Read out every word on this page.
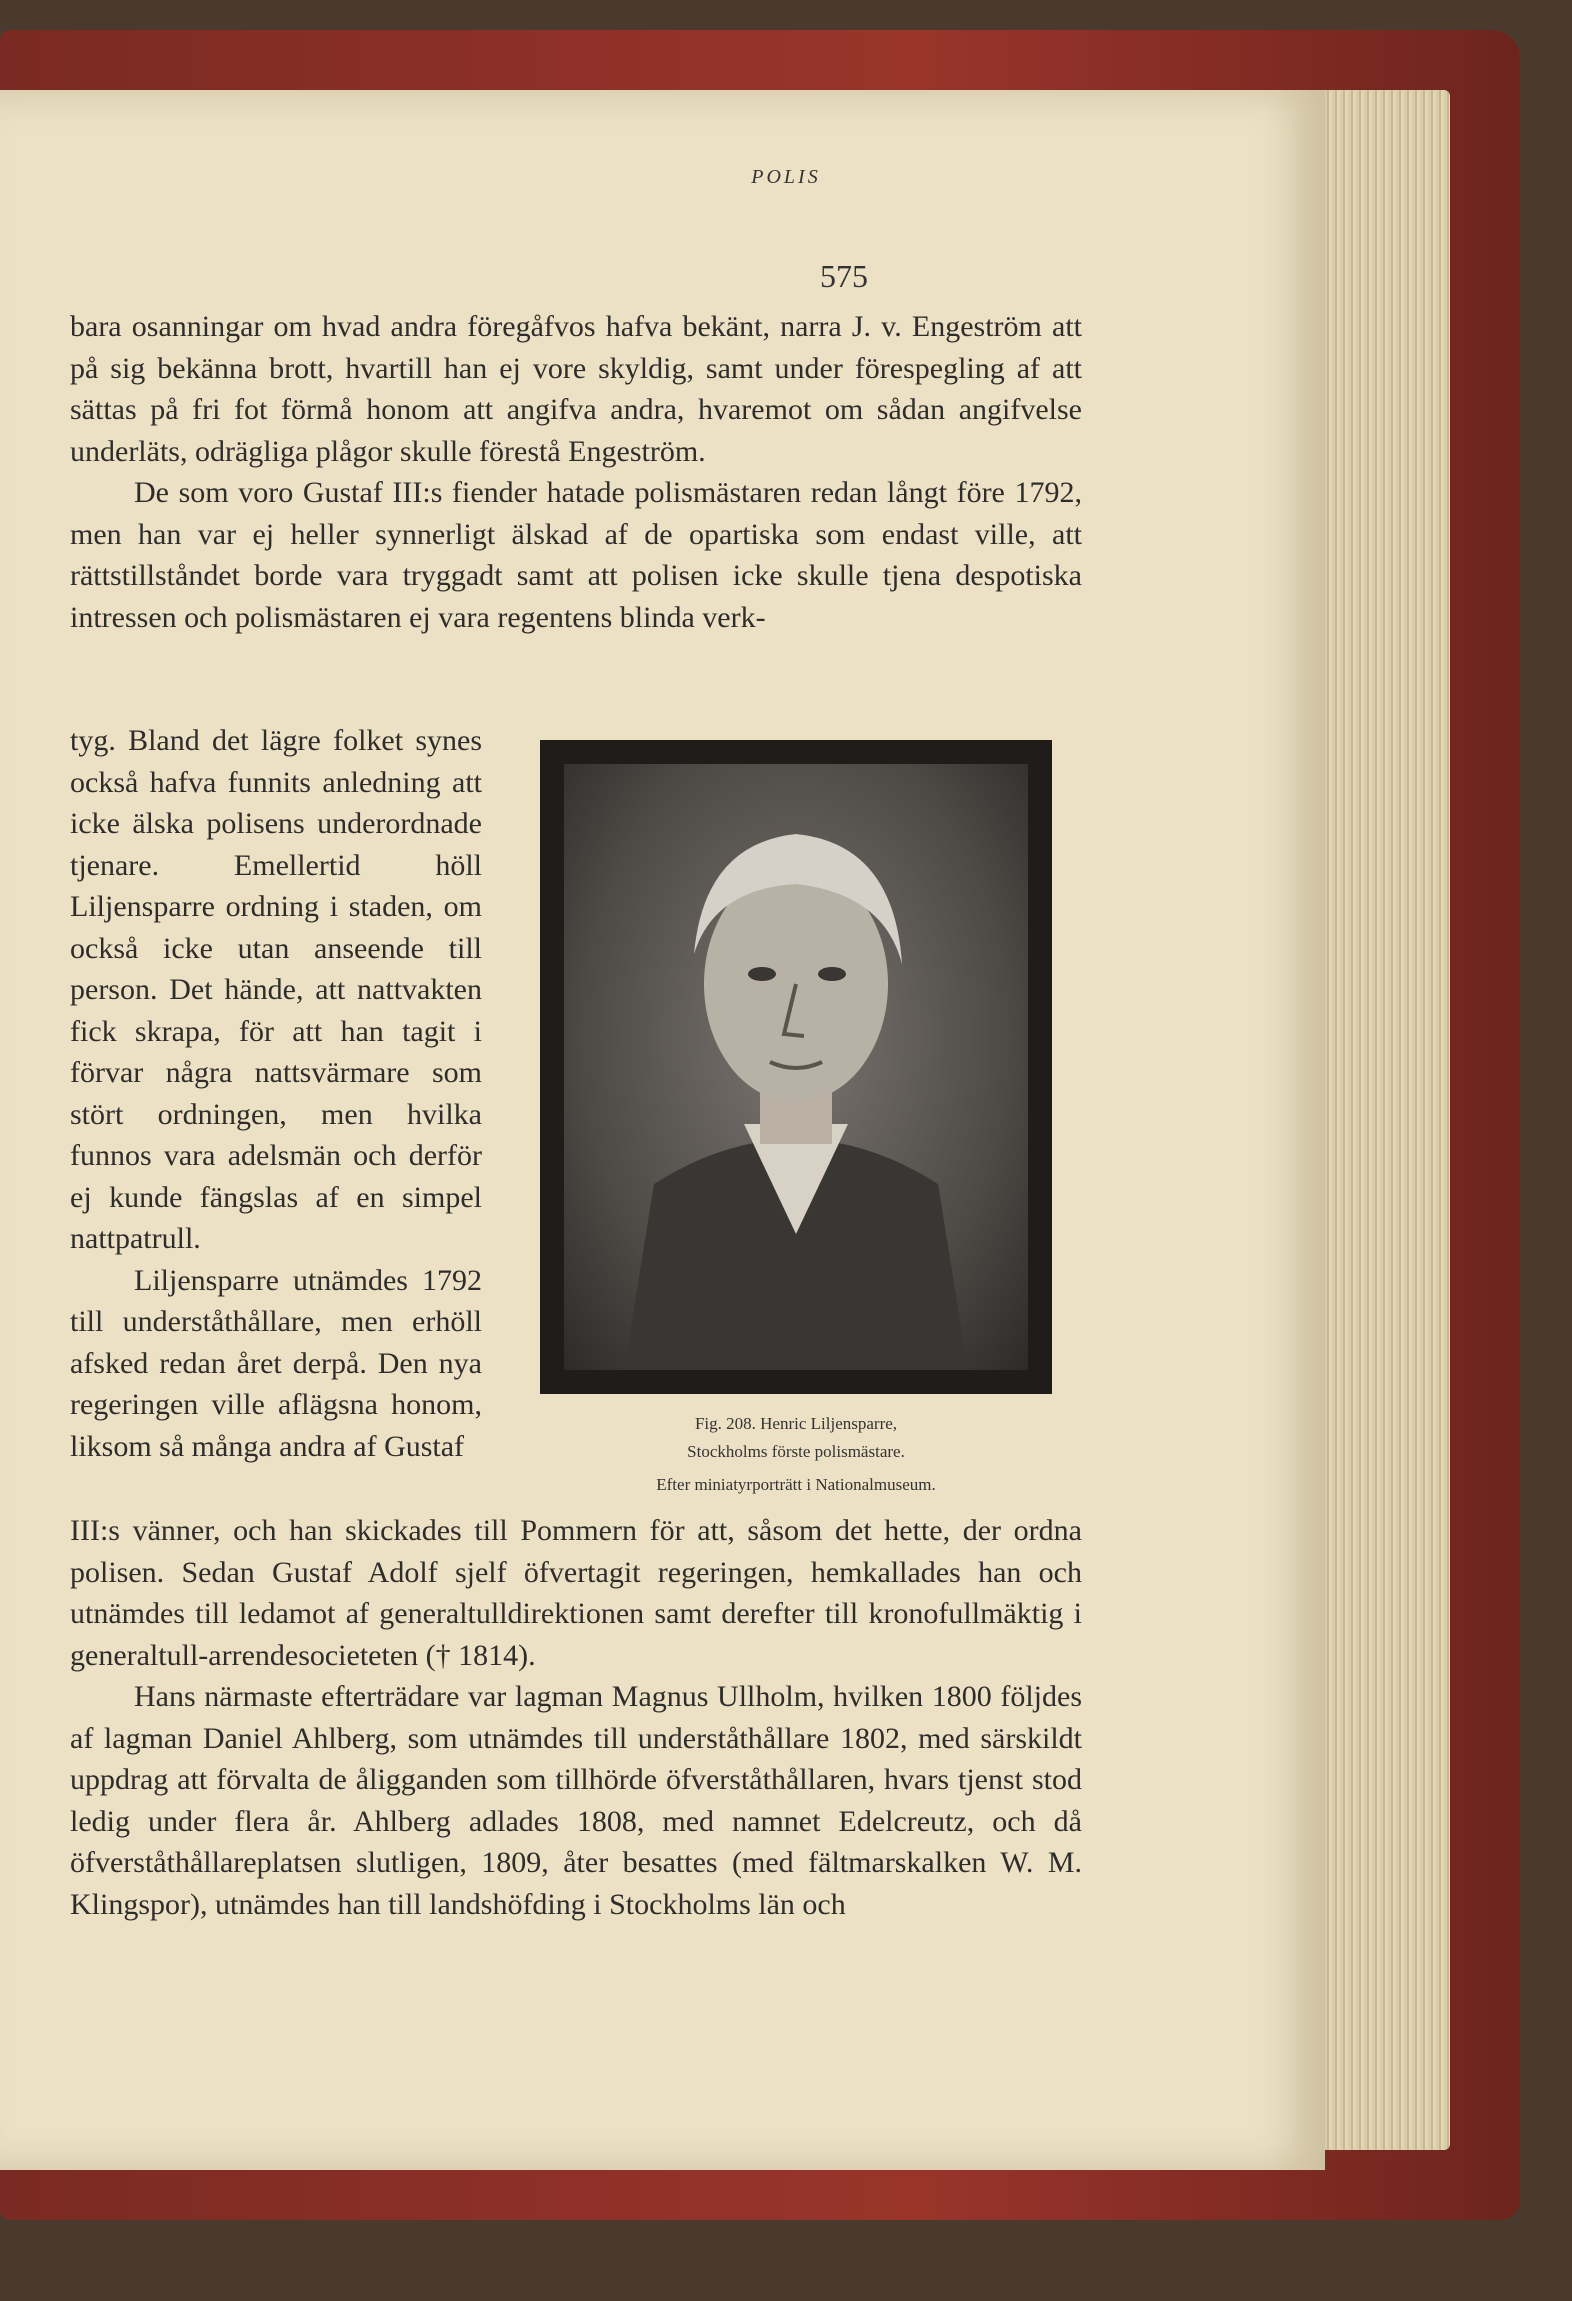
POLIS
575

bara osanningar om hvad andra föregåfvos hafva bekänt, narra J. v. Engeström att på sig bekänna brott, hvartill han ej vore skyldig, samt under förespegling af att sättas på fri fot förmå honom att angifva andra, hvaremot om sådan angifvelse underläts, odrägliga plågor skulle förestå Engeström.

De som voro Gustaf III:s fiender hatade polismästaren redan långt före 1792, men han var ej heller synnerligt älskad af de opartiska som endast ville, att rättstillståndet borde vara tryggadt samt att polisen icke skulle tjena despotiska intressen och polismästaren ej vara regentens blinda verk-

tyg. Bland det lägre folket synes också hafva funnits anledning att icke älska polisens underordnade tjenare. Emellertid höll Liljensparre ordning i staden, om också icke utan anseende till person. Det hände, att nattvakten fick skrapa, för att han tagit i förvar några nattsvärmare som stört ordningen, men hvilka funnos vara adelsmän och derför ej kunde fängslas af en simpel nattpatrull.

Liljensparre utnämdes 1792 till underståthållare, men erhöll afsked redan året derpå. Den nya regeringen ville aflägsna honom, liksom så många andra af Gustaf

Fig. 208. Henric Liljensparre,
Stockholms förste polismästare.
Efter miniatyrporträtt i Nationalmuseum.

III:s vänner, och han skickades till Pommern för att, såsom det hette, der ordna polisen. Sedan Gustaf Adolf sjelf öfvertagit regeringen, hemkallades han och utnämdes till ledamot af generaltulldirektionen samt derefter till kronofullmäktig i generaltull-arrendesocieteten († 1814).

Hans närmaste efterträdare var lagman Magnus Ullholm, hvilken 1800 följdes af lagman Daniel Ahlberg, som utnämdes till underståthållare 1802, med särskildt uppdrag att förvalta de åligganden som tillhörde öfverståthållaren, hvars tjenst stod ledig under flera år. Ahlberg adlades 1808, med namnet Edelcreutz, och då öfverståthållareplatsen slutligen, 1809, åter besattes (med fältmarskalken W. M. Klingspor), utnämdes han till landshöfding i Stockholms län och
